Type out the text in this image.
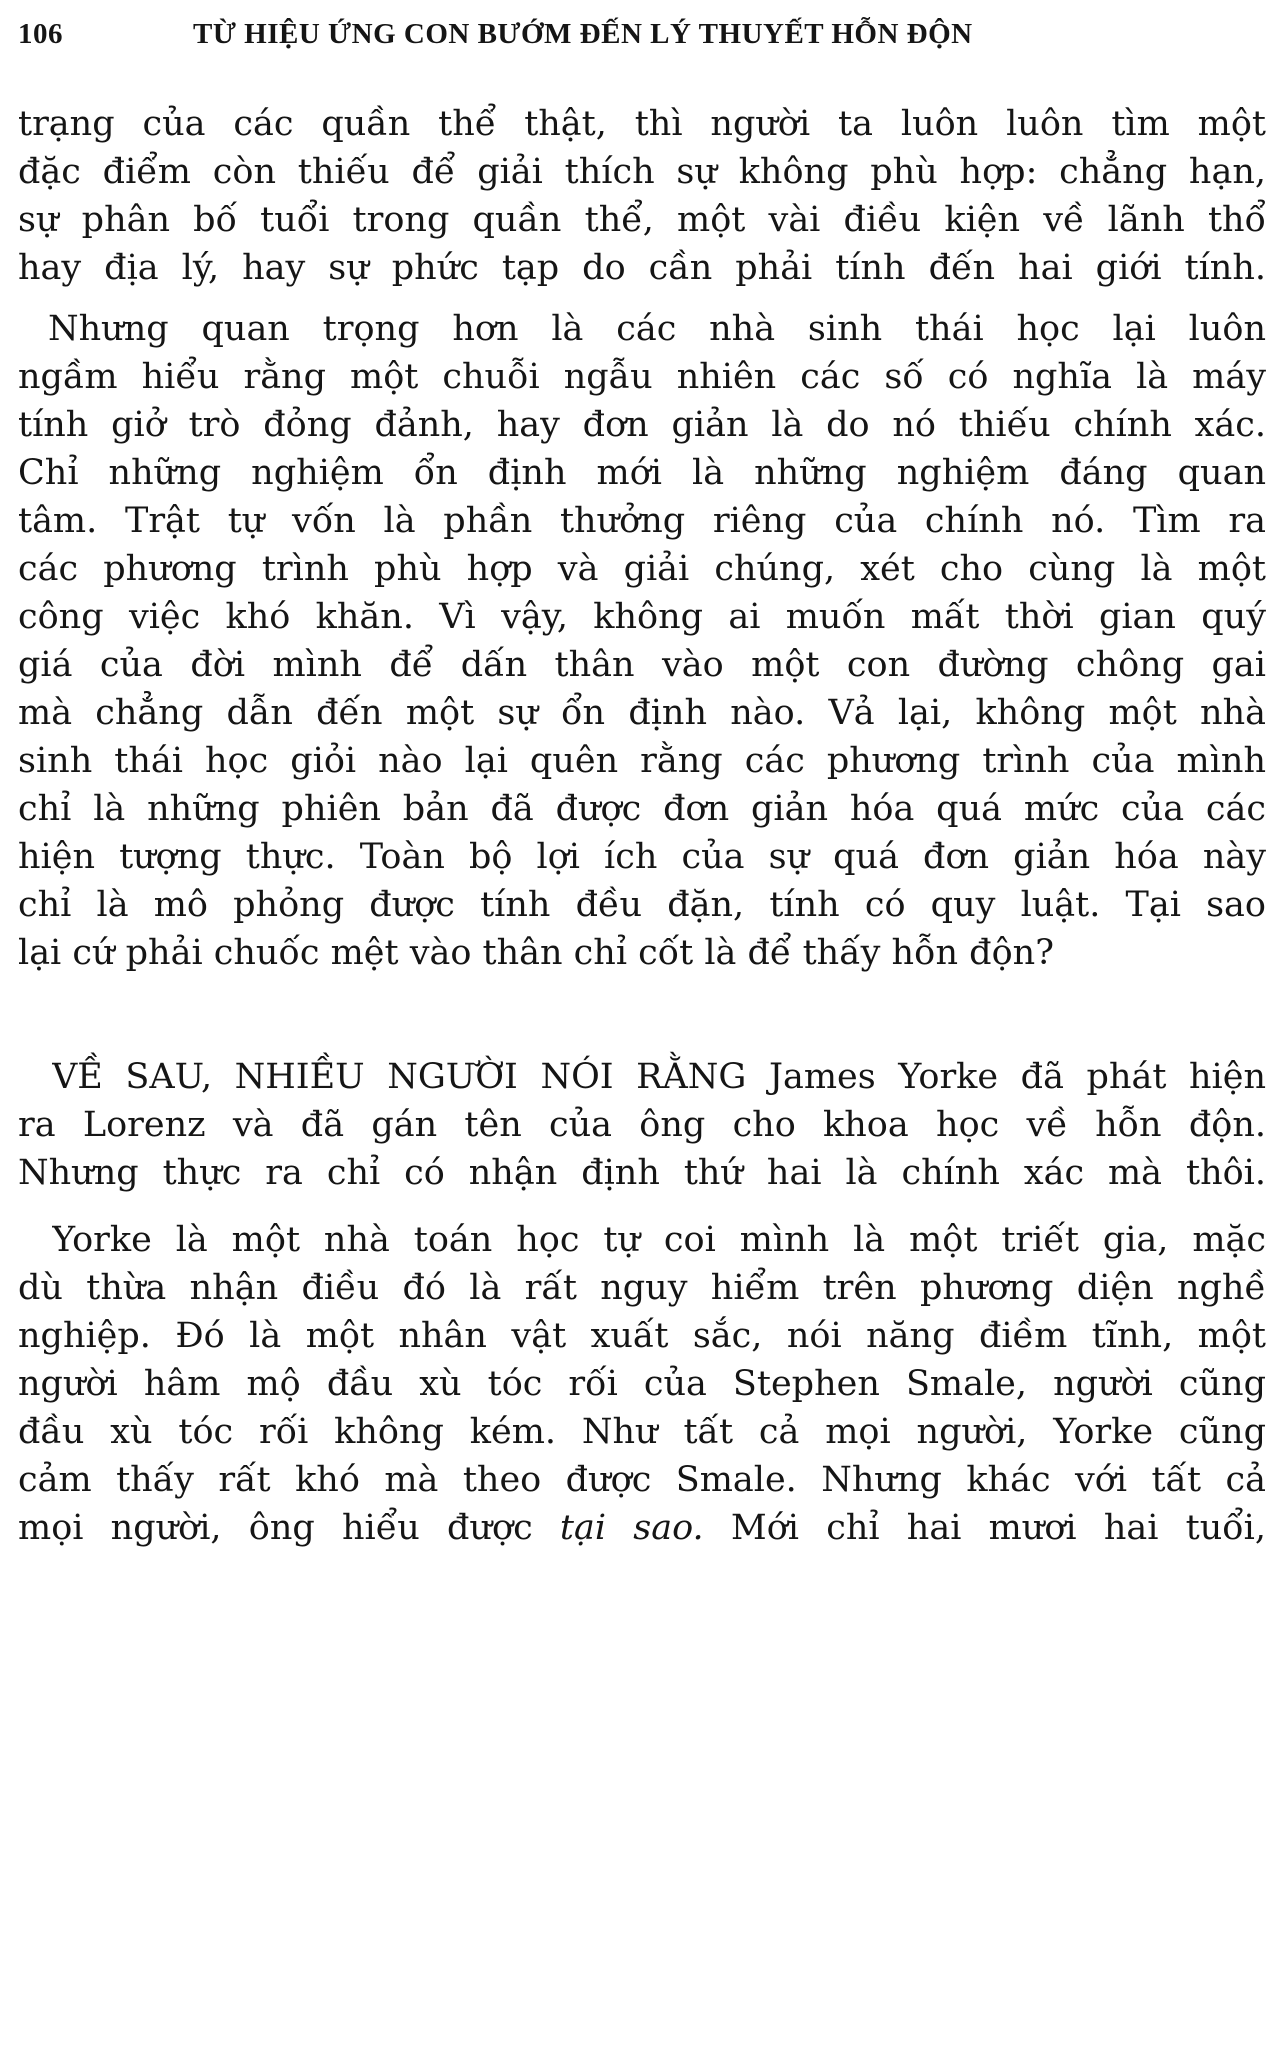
106	TỪ HIỆU ỨNG CON BƯỚM ĐẾN LÝ THUYẾT HỖN ĐỘN
trạng của các quần thể thật, thì người ta luôn luôn tìm một
đặc điểm còn thiếu để giải thích sự không phù hợp: chẳng hạn,
sự phân bố tuổi trong quần thể, một vài điều kiện về lãnh thổ
hay địa lý, hay sự phức tạp do cần phải tính đến hai giới tính.
Nhưng quan trọng hơn là các nhà sinh thái học lại luôn
ngầm hiểu rằng một chuỗi ngẫu nhiên các số có nghĩa là máy
tính giở trò đỏng đảnh, hay đơn giản là do nó thiếu chính xác.
Chỉ những nghiệm ổn định mới là những nghiệm đáng quan
tâm. Trật tự vốn là phần thưởng riêng của chính nó. Tìm ra
các phương trình phù hợp và giải chúng, xét cho cùng là một
công việc khó khăn. Vì vậy, không ai muốn mất thời gian quý
giá của đời mình để dấn thân vào một con đường chông gai
mà chẳng dẫn đến một sự ổn định nào. Vả lại, không một nhà
sinh thái học giỏi nào lại quên rằng các phương trình của mình
chỉ là những phiên bản đã được đơn giản hóa quá mức của các
hiện tượng thực. Toàn bộ lợi ích của sự quá đơn giản hóa này
chỉ là mô phỏng được tính đều đặn, tính có quy luật. Tại sao
lại cứ phải chuốc mệt vào thân chỉ cốt là để thấy hỗn độn?
VỀ SAU, NHIỀU NGƯỜI NÓI RẰNG James Yorke đã phát hiện
ra Lorenz và đã gán tên của ông cho khoa học về hỗn độn.
Nhưng thực ra chỉ có nhận định thứ hai là chính xác mà thôi.
Yorke là một nhà toán học tự coi mình là một triết gia, mặc
dù thừa nhận điều đó là rất nguy hiểm trên phương diện nghề
nghiệp. Đó là một nhân vật xuất sắc, nói năng điềm tĩnh, một
người hâm mộ đầu xù tóc rối của Stephen Smale, người cũng
đầu xù tóc rối không kém. Như tất cả mọi người, Yorke cũng
cảm thấy rất khó mà theo được Smale. Nhưng khác với tất cả
mọi người, ông hiểu được tại sao. Mới chỉ hai mươi hai tuổi,
